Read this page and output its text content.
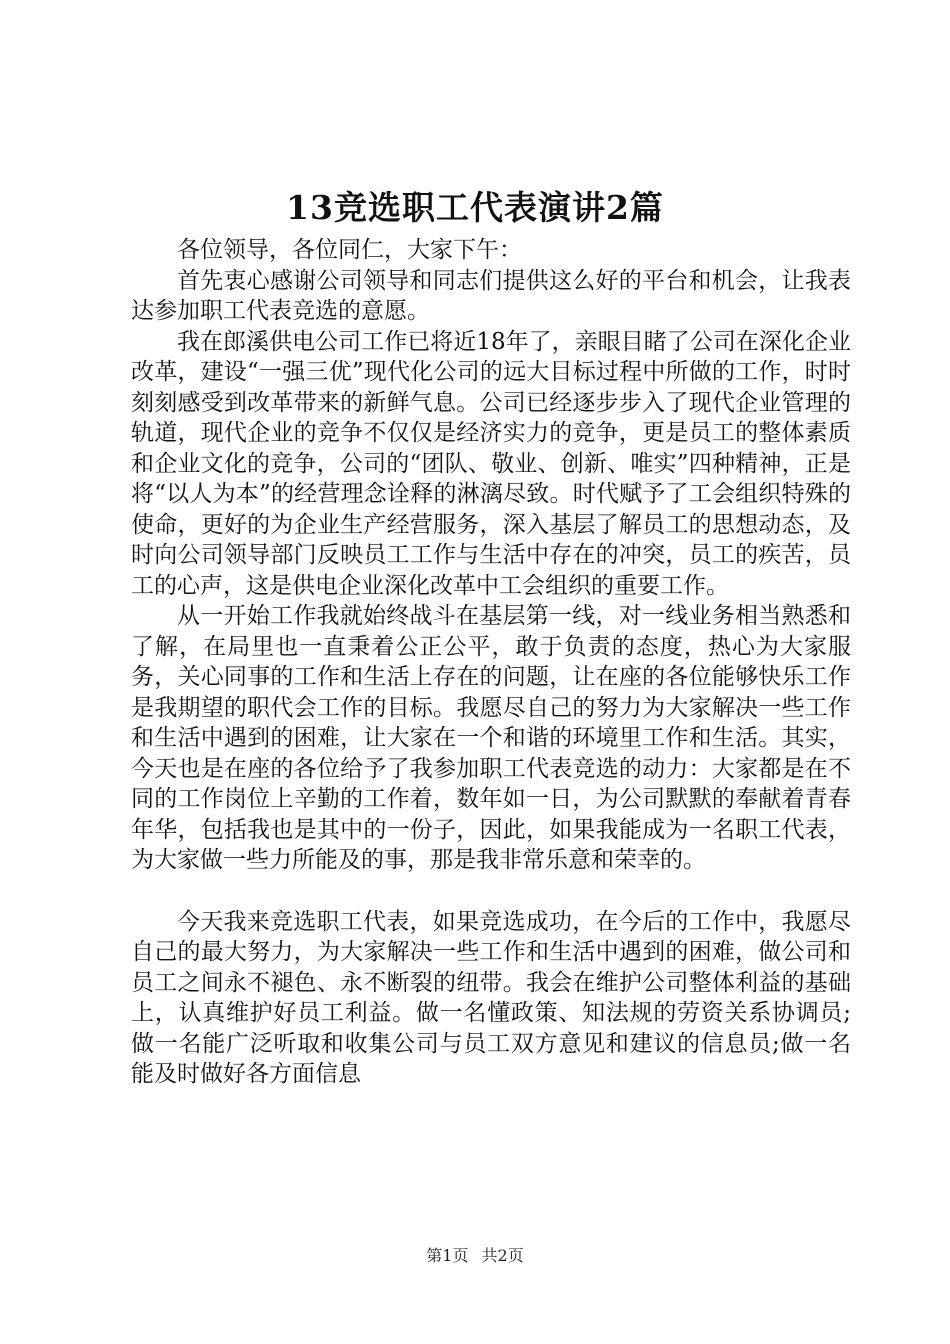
13竞选职工代表演讲2篇

各位领导，各位同仁，大家下午：

首先衷心感谢公司领导和同志们提供这么好的平台和机会，让我表达参加职工代表竞选的意愿。

我在郎溪供电公司工作已将近18年了，亲眼目睹了公司在深化企业改革，建设“一强三优”现代化公司的远大目标过程中所做的工作，时时刻刻感受到改革带来的新鲜气息。公司已经逐步步入了现代企业管理的轨道，现代企业的竞争不仅仅是经济实力的竞争，更是员工的整体素质和企业文化的竞争，公司的“团队、敬业、创新、唯实”四种精神，正是将“以人为本”的经营理念诠释的淋漓尽致。时代赋予了工会组织特殊的使命，更好的为企业生产经营服务，深入基层了解员工的思想动态，及时向公司领导部门反映员工工作与生活中存在的冲突，员工的疾苦，员工的心声，这是供电企业深化改革中工会组织的重要工作。

从一开始工作我就始终战斗在基层第一线，对一线业务相当熟悉和了解，在局里也一直秉着公正公平，敢于负责的态度，热心为大家服务，关心同事的工作和生活上存在的问题，让在座的各位能够快乐工作是我期望的职代会工作的目标。我愿尽自己的努力为大家解决一些工作和生活中遇到的困难，让大家在一个和谐的环境里工作和生活。其实，今天也是在座的各位给予了我参加职工代表竞选的动力：大家都是在不同的工作岗位上辛勤的工作着，数年如一日，为公司默默的奉献着青春年华，包括我也是其中的一份子，因此，如果我能成为一名职工代表，为大家做一些力所能及的事，那是我非常乐意和荣幸的。

今天我来竞选职工代表，如果竞选成功，在今后的工作中，我愿尽自己的最大努力，为大家解决一些工作和生活中遇到的困难，做公司和员工之间永不褪色、永不断裂的纽带。我会在维护公司整体利益的基础上，认真维护好员工利益。做一名懂政策、知法规的劳资关系协调员;做一名能广泛听取和收集公司与员工双方意见和建议的信息员;做一名能及时做好各方面信息

第1页 共2页
